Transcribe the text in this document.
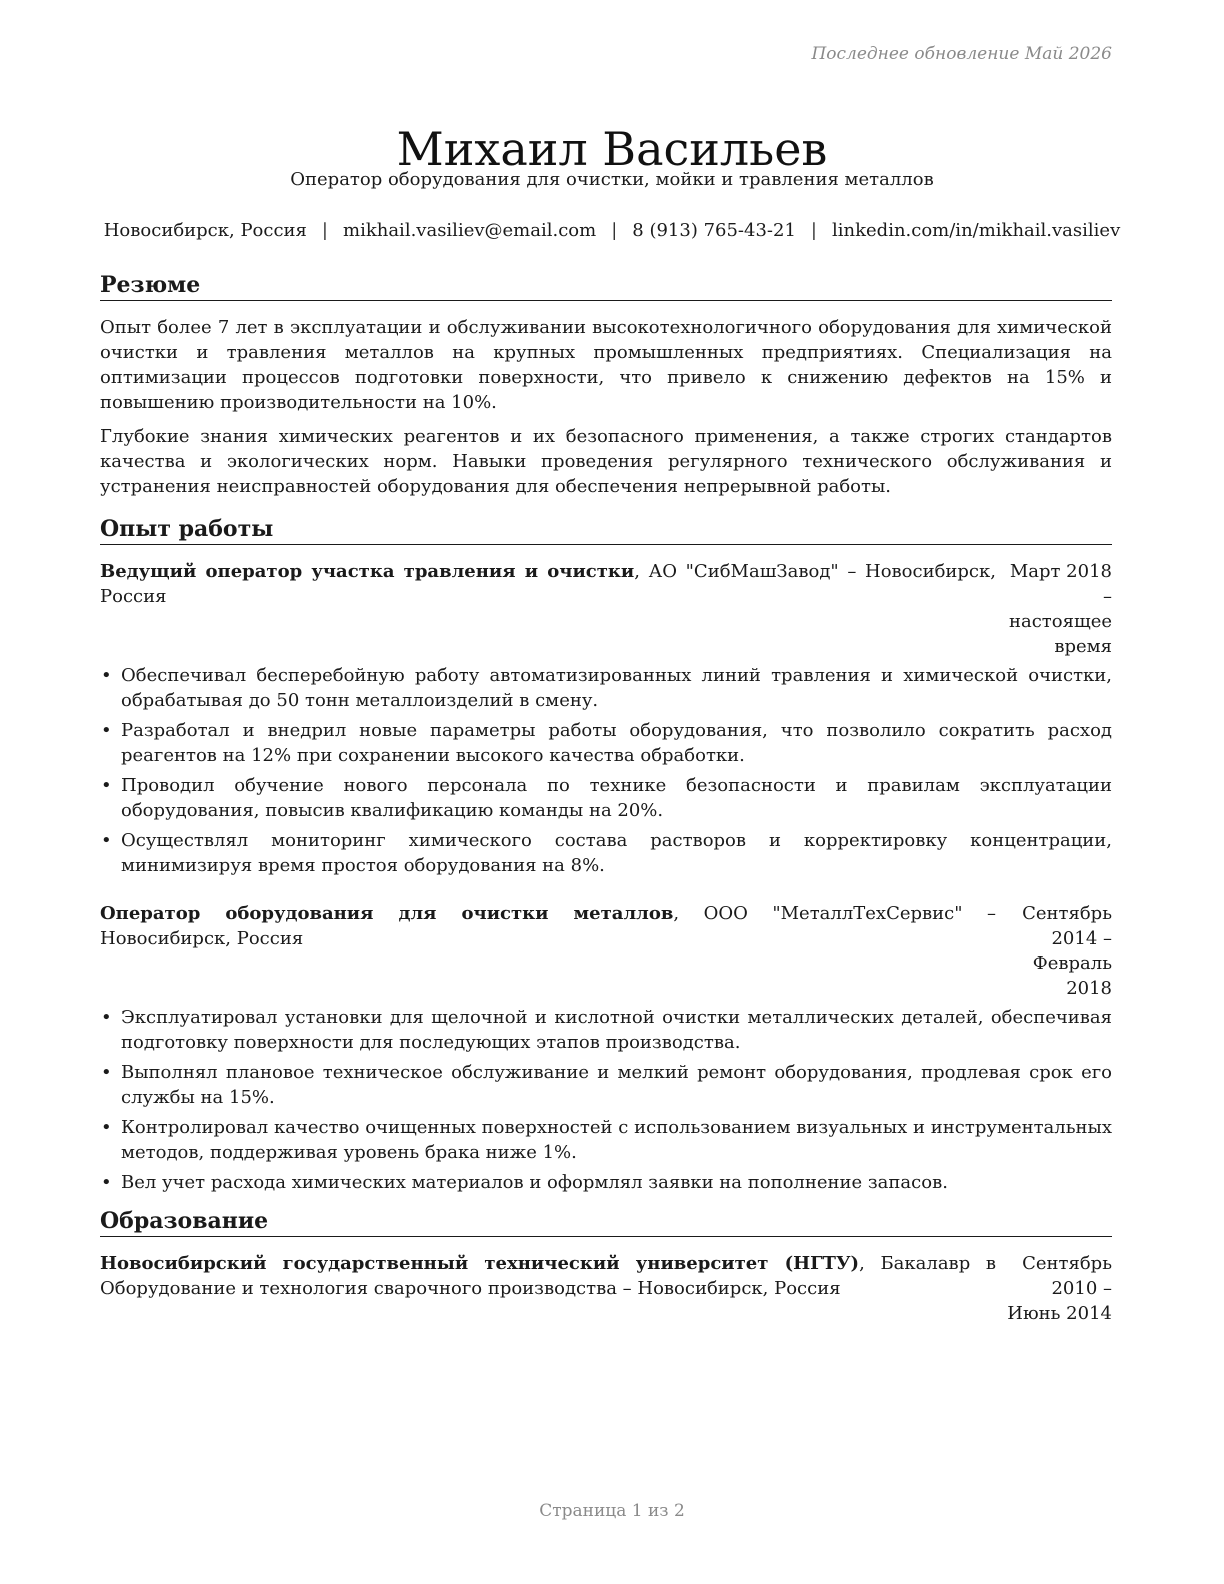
Последнее обновление Май 2026
Михаил Васильев
Оператор оборудования для очистки, мойки и травления металлов
Новосибирск, Россия | mikhail.vasiliev@email.com | 8 (913) 765-43-21 | linkedin.com/in/mikhail.vasiliev
Резюме

Опыт более 7 лет в эксплуатации и обслуживании высокотехнологичного оборудования для химической очистки и травления металлов на крупных промышленных предприятиях. Специализация на оптимизации процессов подготовки поверхности, что привело к снижению дефектов на 15% и повышению производительности на 10%.

Глубокие знания химических реагентов и их безопасного применения, а также строгих стандартов качества и экологических норм. Навыки проведения регулярного технического обслуживания и устранения неисправностей оборудования для обеспечения непрерывной работы.

Опыт работы
Ведущий оператор участка травления и очистки, АО "СибМашЗавод" – Новосибирск, Россия
Март 2018 – настоящее время
• Обеспечивал бесперебойную работу автоматизированных линий травления и химической очистки, обрабатывая до 50 тонн металлоизделий в смену.
• Разработал и внедрил новые параметры работы оборудования, что позволило сократить расход реагентов на 12% при сохранении высокого качества обработки.
• Проводил обучение нового персонала по технике безопасности и правилам эксплуатации оборудования, повысив квалификацию команды на 20%.
• Осуществлял мониторинг химического состава растворов и корректировку концентрации, минимизируя время простоя оборудования на 8%.
Оператор оборудования для очистки металлов, ООО "МеталлТехСервис" – Новосибирск, Россия
Сентябрь 2014 – Февраль 2018
• Эксплуатировал установки для щелочной и кислотной очистки металлических деталей, обеспечивая подготовку поверхности для последующих этапов производства.
• Выполнял плановое техническое обслуживание и мелкий ремонт оборудования, продлевая срок его службы на 15%.
• Контролировал качество очищенных поверхностей с использованием визуальных и инструментальных методов, поддерживая уровень брака ниже 1%.
• Вел учет расхода химических материалов и оформлял заявки на пополнение запасов.
Образование
Новосибирский государственный технический университет (НГТУ), Бакалавр в Оборудование и технология сварочного производства – Новосибирск, Россия
Сентябрь 2010 – Июнь 2014
Страница 1 из 2
